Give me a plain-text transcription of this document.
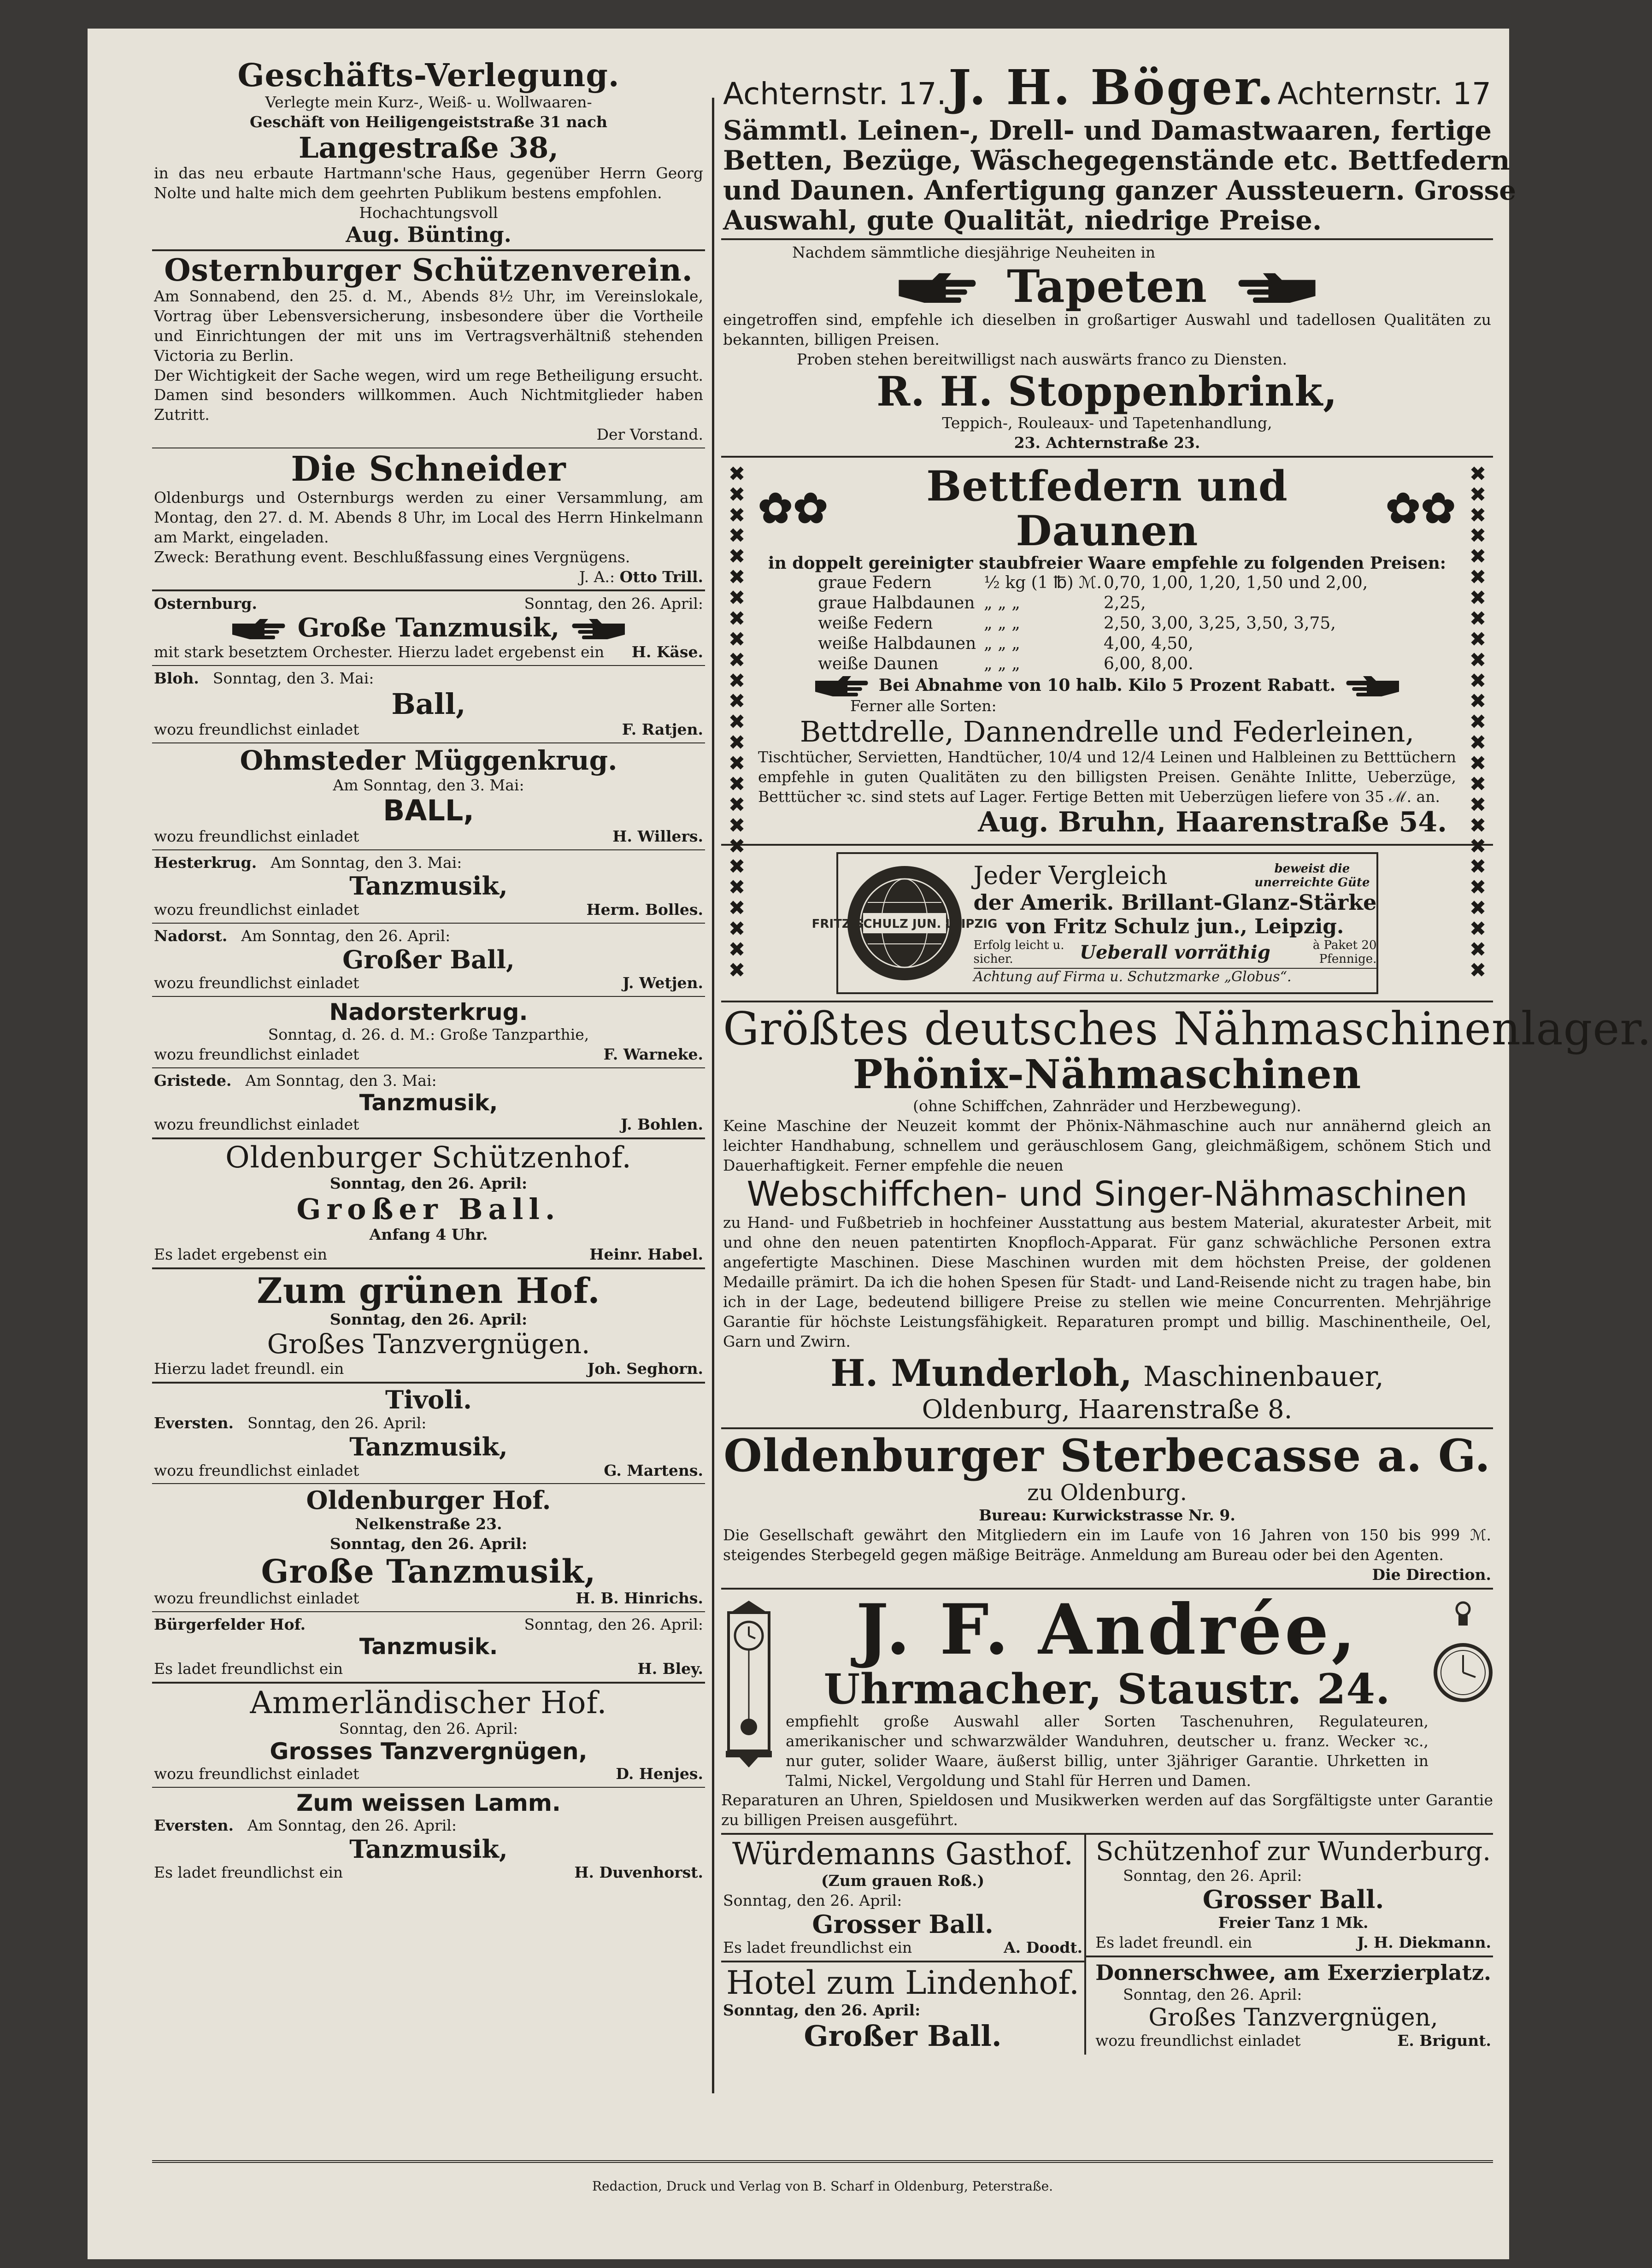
Geschäfts-Verlegung.
Verlegte mein Kurz-, Weiß- u. Wollwaaren-
Geschäft von Heiligengeiststraße 31 nach
Langestraße 38,
in das neu erbaute Hartmann'sche Haus, gegenüber Herrn Georg Nolte und halte mich dem geehrten Publikum bestens empfohlen.
Hochachtungsvoll
Aug. Bünting.
Osternburger Schützenverein.
Am Sonnabend, den 25. d. M., Abends 8½ Uhr, im Vereinslokale, Vortrag über Lebensversicherung, insbesondere über die Vortheile und Einrichtungen der mit uns im Vertragsverhältniß stehenden Victoria zu Berlin.
Der Wichtigkeit der Sache wegen, wird um rege Betheiligung ersucht. Damen sind besonders willkommen. Auch Nichtmitglieder haben Zutritt.
Der Vorstand.
Die Schneider
Oldenburgs und Osternburgs werden zu einer Versammlung, am Montag, den 27. d. M. Abends 8 Uhr, im Local des Herrn Hinkelmann am Markt, eingeladen.
Zweck: Berathung event. Beschlußfassung eines Vergnügens.
J. A.: Otto Trill.
Osternburg.	Sonntag, den 26. April:
Große Tanzmusik,
mit stark besetztem Orchester. Hierzu ladet ergebenst ein H. Käse.
Bloh. Sonntag, den 3. Mai:
Ball,
wozu freundlichst einladet	F. Ratjen.
Ohmsteder Müggenkrug.
Am Sonntag, den 3. Mai:
BALL,
wozu freundlichst einladet	H. Willers.
Hesterkrug. Am Sonntag, den 3. Mai:
Tanzmusik,
wozu freundlichst einladet	Herm. Bolles.
Nadorst. Am Sonntag, den 26. April:
Großer Ball,
wozu freundlichst einladet	J. Wetjen.
Nadorsterkrug.
Sonntag, d. 26. d. M.: Große Tanzparthie,
wozu freundlichst einladet	F. Warneke.
Gristede. Am Sonntag, den 3. Mai:
Tanzmusik,
wozu freundlichst einladet	J. Bohlen.
Oldenburger Schützenhof.
Sonntag, den 26. April:
Großer Ball.
Anfang 4 Uhr.
Es ladet ergebenst ein	Heinr. Habel.
Zum grünen Hof.
Sonntag, den 26. April:
Großes Tanzvergnügen.
Hierzu ladet freundl. ein	Joh. Seghorn.
Tivoli.
Eversten. Sonntag, den 26. April:
Tanzmusik,
wozu freundlichst einladet	G. Martens.
Oldenburger Hof.
Nelkenstraße 23.
Sonntag, den 26. April:
Große Tanzmusik,
wozu freundlichst einladet	H. B. Hinrichs.
Bürgerfelder Hof.	Sonntag, den 26. April:
Tanzmusik.
Es ladet freundlichst ein	H. Bley.
Ammerländischer Hof.
Sonntag, den 26. April:
Grosses Tanzvergnügen,
wozu freundlichst einladet	D. Henjes.
Zum weissen Lamm.
Eversten. Am Sonntag, den 26. April:
Tanzmusik,
Es ladet freundlichst ein	H. Duvenhorst.
Achternstr. 17. J. H. Böger. Achternstr. 17
Sämmtl. Leinen-, Drell- und Damastwaaren, fertige
Betten, Bezüge, Wäschegegenstände etc. Bettfedern
und Daunen. Anfertigung ganzer Aussteuern. Grosse
Auswahl, gute Qualität, niedrige Preise.
Nachdem sämmtliche diesjährige Neuheiten in
Tapeten
eingetroffen sind, empfehle ich dieselben in großartiger Auswahl und tadellosen Qualitäten zu bekannten, billigen Preisen.
Proben stehen bereitwilligst nach auswärts franco zu Diensten.
R. H. Stoppenbrink,
Teppich-, Rouleaux- und Tapetenhandlung,
23. Achternstraße 23.
✖
✖
✖
✖
✖
✖
✖
✖
✖
✖
✖
✖
✖
✖
✖
✖
✖
✖
✖
✖
✖
✖
✖
✖
✖
✖
✖
✖
✖
✖
✖
✖
✖
✖
✖
✖
✖
✖
✖
✖
✖
✖
✖
✖
✖
✖
✖
✖
✖
✖
✿✿	Bettfedern und Daunen	✿✿
in doppelt gereinigter staubfreier Waare empfehle zu folgenden Preisen:
graue Federn	½ kg (1 ℔) ℳ. 0,70, 1,00, 1,20, 1,50 und 2,00,
graue Halbdaunen „ „ „	2,25,
weiße Federn	„ „ „	2,50, 3,00, 3,25, 3,50, 3,75,
weiße Halbdaunen „ „ „	4,00, 4,50,
weiße Daunen	„ „ „	6,00, 8,00.
Bei Abnahme von 10 halb. Kilo 5 Prozent Rabatt.
Ferner alle Sorten:
Bettdrelle, Dannendrelle und Federleinen,
Tischtücher, Servietten, Handtücher, 10/4 und 12/4 Leinen und Halbleinen zu Betttüchern empfehle in guten Qualitäten zu den billigsten Preisen. Genähte Inlitte, Ueberzüge, Betttücher ꝛc. sind stets auf Lager. Fertige Betten mit Ueberzügen liefere von 35 ℳ. an.
Aug. Bruhn, Haarenstraße 54.
FRITZ SCHULZ JUN. LEIPZIG
Jeder Vergleich	beweist die unerreichte Güte
der Amerik. Brillant-Glanz-Stärke
von Fritz Schulz jun., Leipzig.
Erfolg leicht u. sicher.	Ueberall vorräthig	à Paket 20 Pfennige.
Achtung auf Firma u. Schutzmarke „Globus“.
Größtes deutsches Nähmaschinenlager.
Phönix-Nähmaschinen
(ohne Schiffchen, Zahnräder und Herzbewegung).
Keine Maschine der Neuzeit kommt der Phönix-Nähmaschine auch nur annähernd gleich an leichter Handhabung, schnellem und geräuschlosem Gang, gleichmäßigem, schönem Stich und Dauerhaftigkeit. Ferner empfehle die neuen
Webschiffchen- und Singer-Nähmaschinen
zu Hand- und Fußbetrieb in hochfeiner Ausstattung aus bestem Material, akuratester Arbeit, mit und ohne den neuen patentirten Knopfloch-Apparat. Für ganz schwächliche Personen extra angefertigte Maschinen. Diese Maschinen wurden mit dem höchsten Preise, der goldenen Medaille prämirt. Da ich die hohen Spesen für Stadt- und Land-Reisende nicht zu tragen habe, bin ich in der Lage, bedeutend billigere Preise zu stellen wie meine Concurrenten. Mehrjährige Garantie für höchste Leistungsfähigkeit. Reparaturen prompt und billig. Maschinentheile, Oel, Garn und Zwirn.
H. Munderloh, Maschinenbauer,
Oldenburg, Haarenstraße 8.
Oldenburger Sterbecasse a. G.
zu Oldenburg.
Bureau: Kurwickstrasse Nr. 9.
Die Gesellschaft gewährt den Mitgliedern ein im Laufe von 16 Jahren von 150 bis 999 ℳ. steigendes Sterbegeld gegen mäßige Beiträge. Anmeldung am Bureau oder bei den Agenten.
Die Direction.
J. F. Andrée,
Uhrmacher, Staustr. 24.
empfiehlt große Auswahl aller Sorten Taschenuhren, Regulateuren, amerikanischer und schwarzwälder Wanduhren, deutscher u. franz. Wecker ꝛc., nur guter, solider Waare, äußerst billig, unter 3jähriger Garantie. Uhrketten in Talmi, Nickel, Vergoldung und Stahl für Herren und Damen.
Reparaturen an Uhren, Spieldosen und Musikwerken werden auf das Sorgfältigste unter Garantie zu billigen Preisen ausgeführt.
Würdemanns Gasthof.
(Zum grauen Roß.)
Sonntag, den 26. April:
Grosser Ball.
Es ladet freundlichst ein	A. Doodt.
Hotel zum Lindenhof.
Sonntag, den 26. April:
Großer Ball.
Schützenhof zur Wunderburg.
Sonntag, den 26. April:
Grosser Ball.
Freier Tanz 1 Mk.
Es ladet freundl. ein	J. H. Diekmann.
Donnerschwee, am Exerzierplatz.
Sonntag, den 26. April:
Großes Tanzvergnügen,
wozu freundlichst einladet	E. Brigunt.
Redaction, Druck und Verlag von B. Scharf in Oldenburg, Peterstraße.
